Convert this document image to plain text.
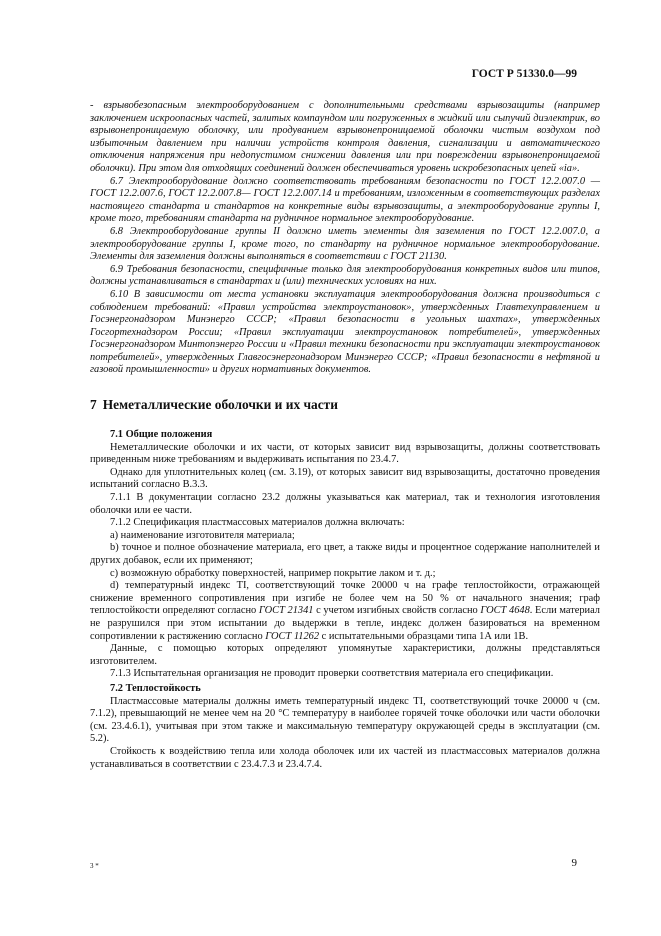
ГОСТ Р 51330.0—99

- взрывобезопасным электрооборудованием с дополнительными средствами взрывозащиты (например заключением искроопасных частей, залитых компаундом или погруженных в жидкий или сыпучий диэлектрик, во взрывонепроницаемую оболочку, или продуванием взрывонепроницаемой оболочки чистым воздухом под избыточным давлением при наличии устройств контроля давления, сигнализации и автоматического отключения напряжения при недопустимом снижении давления или при повреждении взрывонепроницаемой оболочки). При этом для отходящих соединений должен обеспечиваться уровень искробезопасных цепей «ia».

6.7 Электрооборудование должно соответствовать требованиям безопасности по ГОСТ 12.2.007.0 — ГОСТ 12.2.007.6, ГОСТ 12.2.007.8— ГОСТ 12.2.007.14 и требованиям, изложенным в соответствующих разделах настоящего стандарта и стандартов на конкретные виды взрывозащиты, а электрооборудование группы I, кроме того, требованиям стандарта на рудничное нормальное электрооборудование.

6.8 Электрооборудование группы II должно иметь элементы для заземления по ГОСТ 12.2.007.0, а электрооборудование группы I, кроме того, по стандарту на рудничное нормальное электрооборудование. Элементы для заземления должны выполняться в соответствии с ГОСТ 21130.

6.9 Требования безопасности, специфичные только для электрооборудования конкретных видов или типов, должны устанавливаться в стандартах и (или) технических условиях на них.

6.10 В зависимости от места установки эксплуатация электрооборудования должна производиться с соблюдением требований: «Правил устройства электроустановок», утвержденных Главтехуправлением и Госэнергонадзором Минэнерго СССР; «Правил безопасности в угольных шахтах», утвержденных Госгортехнадзором России; «Правил эксплуатации электроустановок потребителей», утвержденных Госэнергонадзором Минтопэнерго России и «Правил техники безопасности при эксплуатации электроустановок потребителей», утвержденных Главгосэнергонадзором Минэнерго СССР; «Правил безопасности в нефтяной и газовой промышленности» и других нормативных документов.

7 Неметаллические оболочки и их части
7.1 Общие положения

Неметаллические оболочки и их части, от которых зависит вид взрывозащиты, должны соответствовать приведенным ниже требованиям и выдерживать испытания по 23.4.7.

Однако для уплотнительных колец (см. 3.19), от которых зависит вид взрывозащиты, достаточно проведения испытаний согласно В.3.3.

7.1.1 В документации согласно 23.2 должны указываться как материал, так и технология изготовления оболочки или ее части.

7.1.2 Спецификация пластмассовых материалов должна включать:

а) наименование изготовителя материала;

b) точное и полное обозначение материала, его цвет, а также виды и процентное содержание наполнителей и других добавок, если их применяют;

с) возможную обработку поверхностей, например покрытие лаком и т. д.;

d) температурный индекс TI, соответствующий точке 20000 ч на графе теплостойкости, отражающей снижение временного сопротивления при изгибе не более чем на 50 % от начального значения; граф теплостойкости определяют согласно ГОСТ 21341 с учетом изгибных свойств согласно ГОСТ 4648. Если материал не разрушился при этом испытании до выдержки в тепле, индекс должен базироваться на временном сопротивлении к растяжению согласно ГОСТ 11262 с испытательными образцами типа 1А или 1В.

Данные, с помощью которых определяют упомянутые характеристики, должны представляться изготовителем.

7.1.3 Испытательная организация не проводит проверки соответствия материала его спецификации.

7.2 Теплостойкость

Пластмассовые материалы должны иметь температурный индекс TI, соответствующий точке 20000 ч (см. 7.1.2), превышающий не менее чем на 20 °С температуру в наиболее горячей точке оболочки или части оболочки (см. 23.4.6.1), учитывая при этом также и максимальную температуру окружающей среды в эксплуатации (см. 5.2).

Стойкость к воздействию тепла или холода оболочек или их частей из пластмассовых материалов должна устанавливаться в соответствии с 23.4.7.3 и 23.4.7.4.

3 *	9
